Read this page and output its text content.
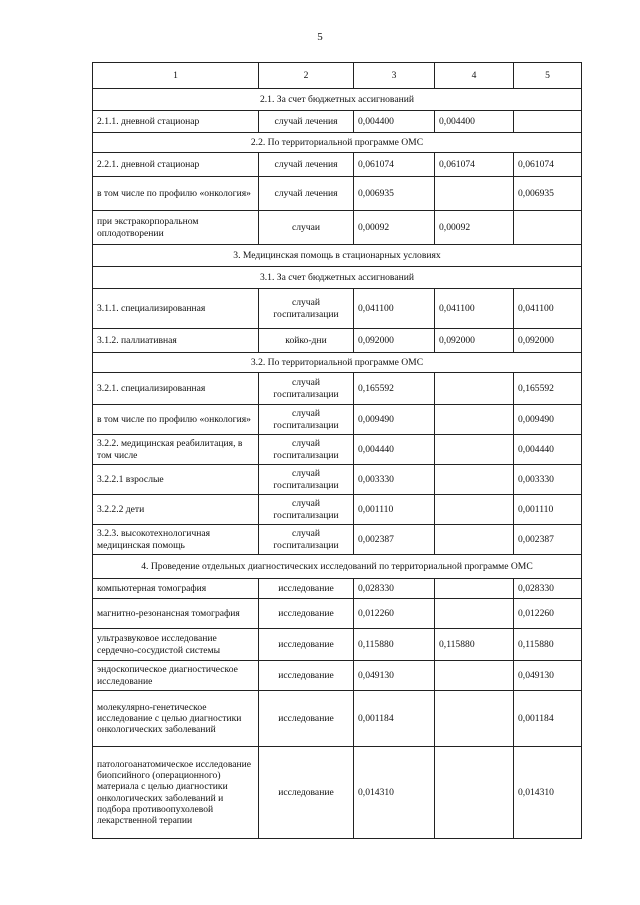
5
1	2	3	4	5
2.1. За счет бюджетных ассигнований				
2.1.1. дневной стационар	случай лечения	0,004400	0,004400	
2.2. По территориальной программе ОМС				
2.2.1. дневной стационар	случай лечения	0,061074	0,061074	0,061074
в том числе по профилю «онкология»	случай лечения	0,006935		0,006935
при экстракорпоральном оплодотворении	случаи	0,00092	0,00092	
3. Медицинская помощь в стационарных условиях				
3.1. За счет бюджетных ассигнований				
3.1.1. специализированная	случай госпитализации	0,041100	0,041100	0,041100
3.1.2. паллиативная	койко-дни	0,092000	0,092000	0,092000
3.2. По территориальной программе ОМС				
3.2.1. специализированная	случай госпитализации	0,165592		0,165592
в том числе по профилю «онкология»	случай госпитализации	0,009490		0,009490
3.2.2. медицинская реабилитация, в том числе	случай госпитализации	0,004440		0,004440
3.2.2.1 взрослые	случай госпитализации	0,003330		0,003330
3.2.2.2 дети	случай госпитализации	0,001110		0,001110
3.2.3. высокотехнологичная медицинская помощь	случай госпитализации	0,002387		0,002387
4. Проведение отдельных диагностических исследований по территориальной программе ОМС				
компьютерная томография	исследование	0,028330		0,028330
магнитно-резонансная томография	исследование	0,012260		0,012260
ультразвуковое исследование сердечно-сосудистой системы	исследование	0,115880	0,115880	0,115880
эндоскопическое диагностическое исследование	исследование	0,049130		0,049130
молекулярно-генетическое исследование с целью диагностики онкологических заболеваний	исследование	0,001184		0,001184
патологоанатомическое исследование биопсийного (операционного) материала с целью диагностики онкологических заболеваний и подбора противоопухолевой лекарственной терапии	исследование	0,014310		0,014310
